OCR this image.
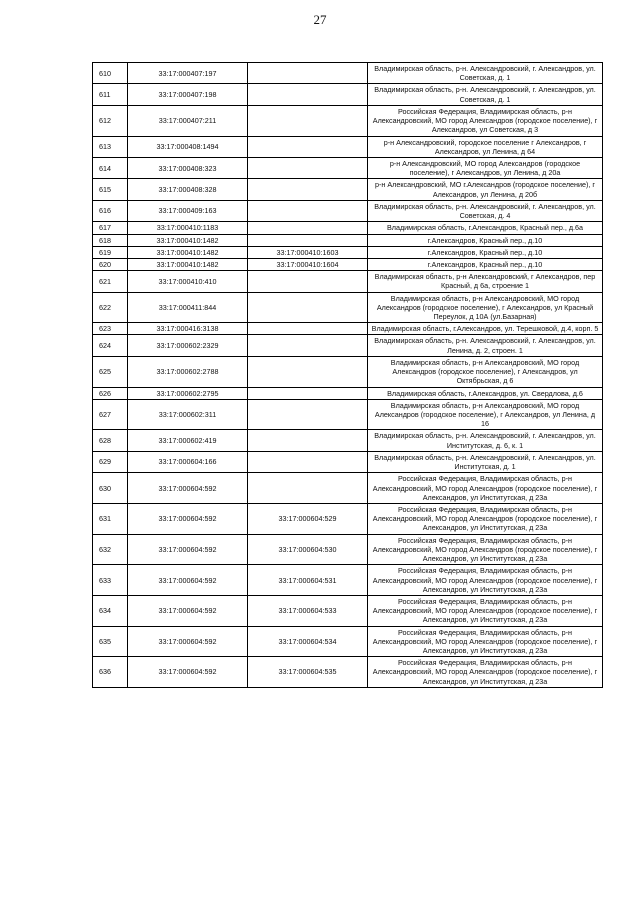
27
610	33:17:000407:197		Владимирская область, р-н. Александровский, г. Александров, ул. Советская, д. 1
611	33:17:000407:198		Владимирская область, р-н. Александровский, г. Александров, ул. Советская, д. 1
612	33:17:000407:211		Российская Федерация, Владимирская область, р-н Александровский, МО город Александров (городское поселение), г Александров, ул Советская, д 3
613	33:17:000408:1494		р-н Александровский, городское поселение г Александров, г Александров, ул Ленина, д 64
614	33:17:000408:323		р-н Александровский, МО город Александров (городское поселение), г Александров, ул Ленина, д 20а
615	33:17:000408:328		р-н Александровский, МО г.Александров (городское поселение), г Александров, ул Ленина, д 20б
616	33:17:000409:163		Владимирская область, р-н. Александровский, г. Александров, ул. Советская, д. 4
617	33:17:000410:1183		Владимирская область, г.Александров, Красный пер., д.6а
618	33:17:000410:1482		г.Александров, Красный пер., д.10
619	33:17:000410:1482	33:17:000410:1603	г.Александров, Красный пер., д.10
620	33:17:000410:1482	33:17:000410:1604	г.Александров, Красный пер., д.10
621	33:17:000410:410		Владимирская область, р-н Александровский, г Александров, пер Красный, д 6а, строение 1
622	33:17:000411:844		Владимирская область, р-н Александровский, МО город Александров (городское поселение), г Александров, ул Красный Переулок, д 10А (ул.Базарная)
623	33:17:000416:3138		Владимирская область, г.Александров, ул. Терешковой, д.4, корп. 5
624	33:17:000602:2329		Владимирская область, р-н. Александровский, г. Александров, ул. Ленина, д. 2, строен. 1
625	33:17:000602:2788		Владимирская область, р-н Александровский, МО город Александров (городское поселение), г Александров, ул Октябрьская, д 6
626	33:17:000602:2795		Владимирская область, г.Александров, ул. Свердлова, д.6
627	33:17:000602:311		Владимирская область, р-н Александровский, МО город Александров (городское поселение), г Александров, ул Ленина, д 16
628	33:17:000602:419		Владимирская область, р-н. Александровский, г. Александров, ул. Институтская, д. 6, к. 1
629	33:17:000604:166		Владимирская область, р-н. Александровский, г. Александров, ул. Институтская, д. 1
630	33:17:000604:592		Российская Федерация, Владимирская область, р-н Александровский, МО город Александров (городское поселение), г Александров, ул Институтская, д 23а
631	33:17:000604:592	33:17:000604:529	Российская Федерация, Владимирская область, р-н Александровский, МО город Александров (городское поселение), г Александров, ул Институтская, д 23а
632	33:17:000604:592	33:17:000604:530	Российская Федерация, Владимирская область, р-н Александровский, МО город Александров (городское поселение), г Александров, ул Институтская, д 23а
633	33:17:000604:592	33:17:000604:531	Российская Федерация, Владимирская область, р-н Александровский, МО город Александров (городское поселение), г Александров, ул Институтская, д 23а
634	33:17:000604:592	33:17:000604:533	Российская Федерация, Владимирская область, р-н Александровский, МО город Александров (городское поселение), г Александров, ул Институтская, д 23а
635	33:17:000604:592	33:17:000604:534	Российская Федерация, Владимирская область, р-н Александровский, МО город Александров (городское поселение), г Александров, ул Институтская, д 23а
636	33:17:000604:592	33:17:000604:535	Российская Федерация, Владимирская область, р-н Александровский, МО город Александров (городское поселение), г Александров, ул Институтская, д 23а
